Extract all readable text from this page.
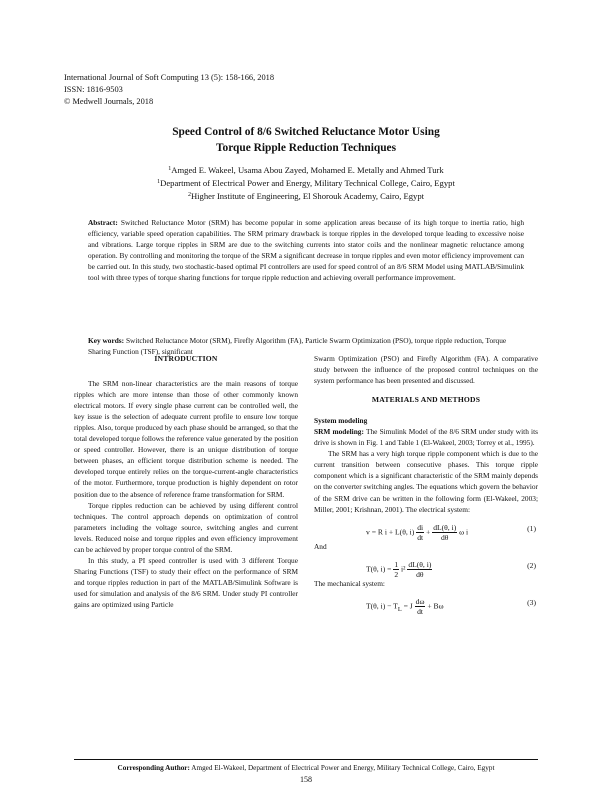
International Journal of Soft Computing 13 (5): 158-166, 2018
ISSN: 1816-9503
© Medwell Journals, 2018
Speed Control of 8/6 Switched Reluctance Motor Using
Torque Ripple Reduction Techniques
$^1$Amged E. Wakeel, Usama Abou Zayed, Mohamed E. Metally and Ahmed Turk
$^1$Department of Electrical Power and Energy, Military Technical College, Cairo, Egypt
$^2$Higher Institute of Engineering, El Shorouk Academy, Cairo, Egypt
Abstract: Switched Reluctance Motor (SRM) has become popular in some application areas because of its high torque to inertia ratio, high efficiency, variable speed operation capabilities. The SRM primary drawback is torque ripples in the developed torque leading to excessive noise and vibrations. Large torque ripples in SRM are due to the switching currents into stator coils and the nonlinear magnetic reluctance among operation. By controlling and monitoring the torque of the SRM a significant decrease in torque ripples and even motor efficiency improvement can be carried out. In this study, two stochastic-based optimal PI controllers are used for speed control of an 8/6 SRM Model using MATLAB/Simulink tool with three types of torque sharing functions for torque ripple reduction and achieving overall performance improvement.
Key words: Switched Reluctance Motor (SRM), Firefly Algorithm (FA), Particle Swarm Optimization (PSO), torque ripple reduction, Torque Sharing Function (TSF), significant
INTRODUCTION

The SRM non-linear characteristics are the main reasons of torque ripples which are more intense than those of other commonly known electrical motors. If every single phase current can be controlled well, the key issue is the selection of adequate current profile to ensure low torque ripples. Also, torque produced by each phase should be arranged, so that the total developed torque follows the reference value generated by the position or speed controller. However, there is an unique distribution of torque between phases, an efficient torque distribution scheme is needed. The developed torque entirely relies on the torque-current-angle characteristics of the motor. Furthermore, torque production is highly dependent on rotor position due to the absence of reference frame transformation for SRM.

Torque ripples reduction can be achieved by using different control techniques. The control approach depends on optimization of control parameters including the voltage source, switching angles and current levels. Reduced noise and torque ripples and even efficiency improvement can be achieved by proper torque control of the SRM.

In this study, a PI speed controller is used with 3 different Torque Sharing Functions (TSF) to study their effect on the performance of SRM and torque ripples reduction in part of the MATLAB/Simulink Software is used for simulation and analysis of the 8/6 SRM. Under study PI controller gains are optimized using Particle

Swarm Optimization (PSO) and Firefly Algorithm (FA). A comparative study between the influence of the proposed control techniques on the system performance has been presented and discussed.

MATERIALS AND METHODS

System modeling

SRM modeling: The Simulink Model of the 8/6 SRM under study with its drive is shown in Fig. 1 and Table 1 (El-Wakeel, 2003; Torrey et al., 1995).

The SRM has a very high torque ripple component which is due to the current transition between consecutive phases. This torque ripple component which is a significant characteristic of the SRM mainly depends on the converter switching angles. The equations which govern the behavior of the SRM drive can be written in the following form (El-Wakeel, 2003; Miller, 2001; Krishnan, 2001). The electrical system:

v = R i + L(θ, $i) \frac{di}{dt} + \frac{dL(\theta, i)}{d\theta}$ ω i	(1)

And

T(θ, $i) = \frac{1}{2} i^2 \frac{dL(\theta, i)}{d\theta}$	(2)

The mechanical system:

T(θ, $i) - T_L = J \frac{d\omega}{dt} + B\omega$	(3)
Corresponding Author: Amged El-Wakeel, Department of Electrical Power and Energy, Military Technical College, Cairo, Egypt
158
